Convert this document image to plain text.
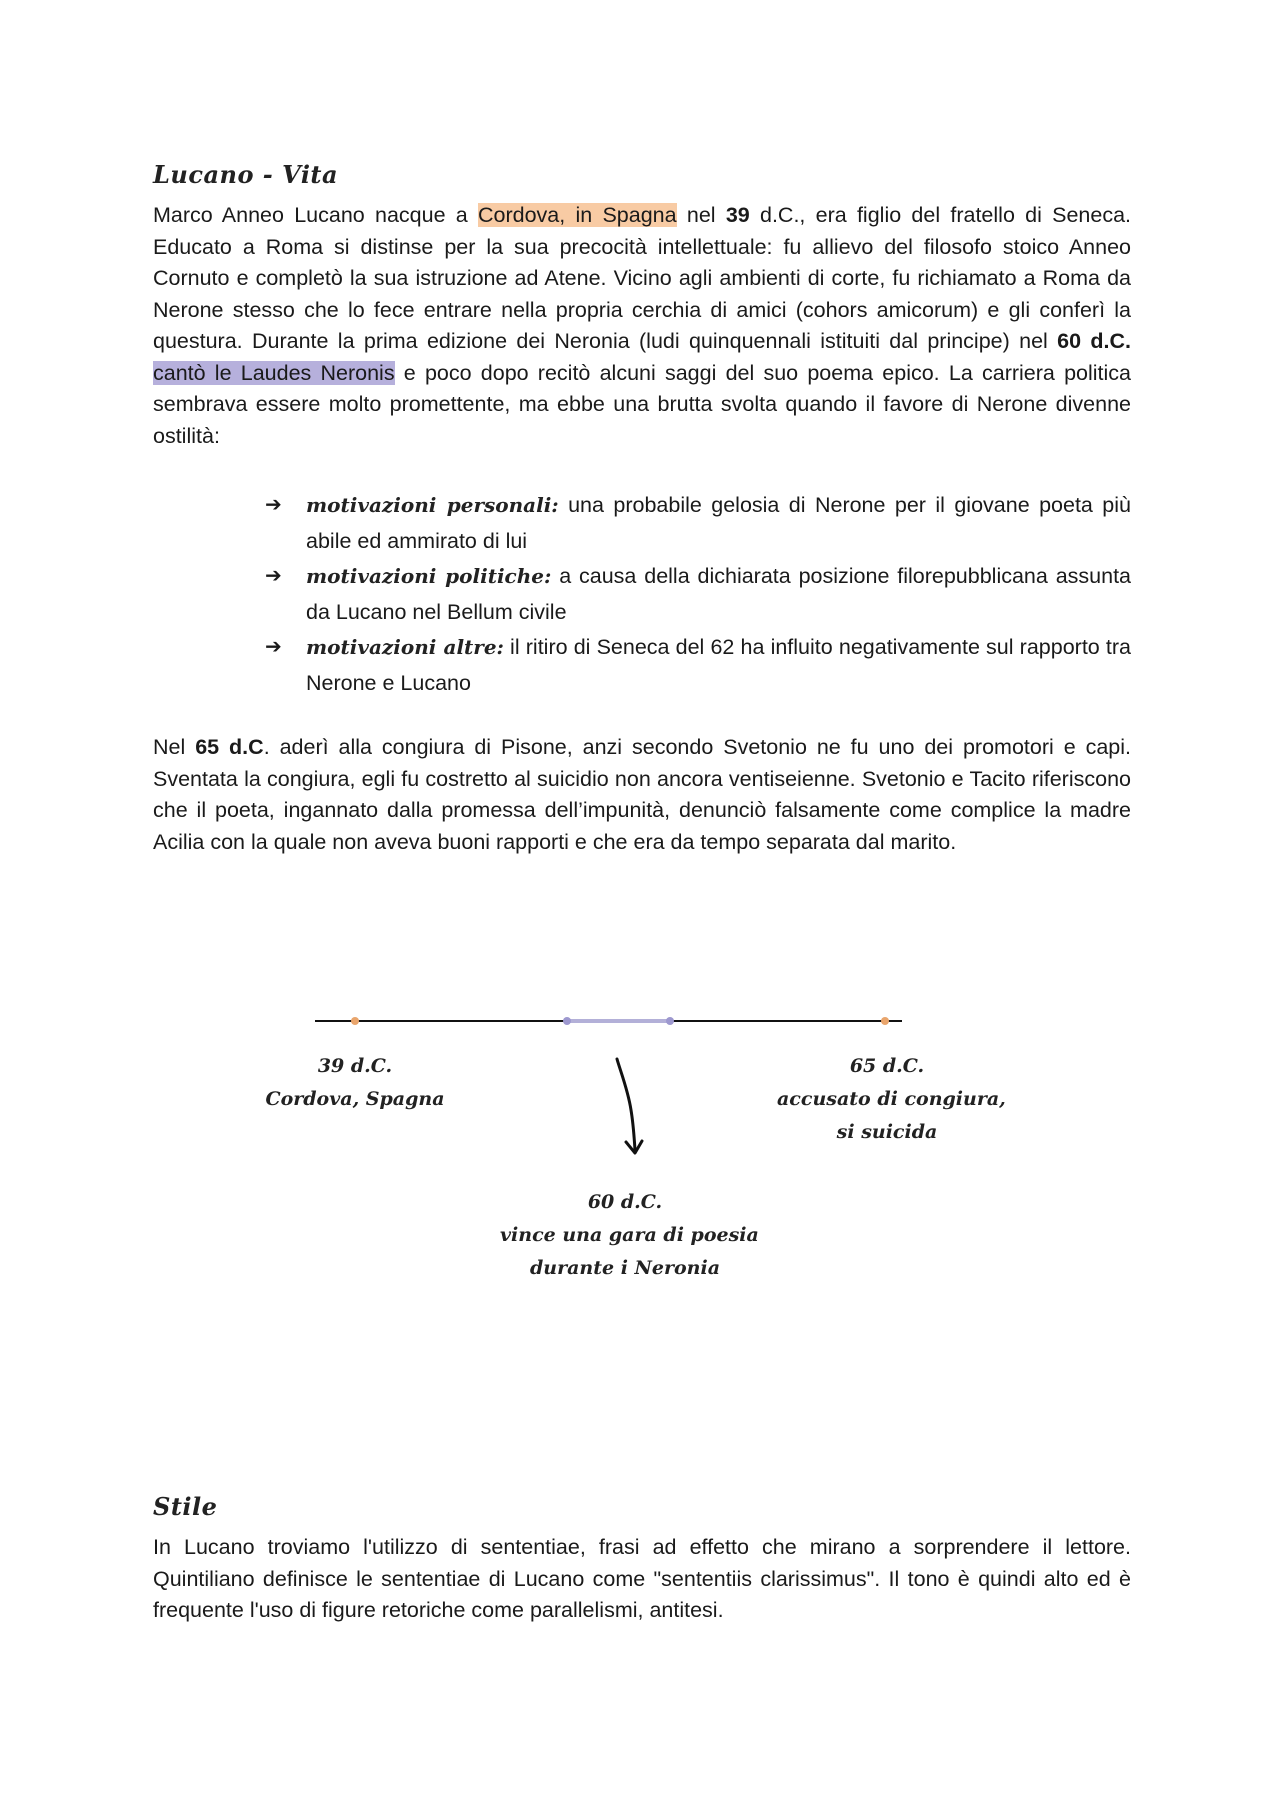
Lucano - Vita

Marco Anneo Lucano nacque a Cordova, in Spagna nel 39 d.C., era figlio del fratello di Seneca. Educato a Roma si distinse per la sua precocità intellettuale: fu allievo del filosofo stoico Anneo Cornuto e completò la sua istruzione ad Atene. Vicino agli ambienti di corte, fu richiamato a Roma da Nerone stesso che lo fece entrare nella propria cerchia di amici (cohors amicorum) e gli conferì la questura. Durante la prima edizione dei Neronia (ludi quinquennali istituiti dal principe) nel 60 d.C. cantò le Laudes Neronis e poco dopo recitò alcuni saggi del suo poema epico. La carriera politica sembrava essere molto promettente, ma ebbe una brutta svolta quando il favore di Nerone divenne ostilità:

➔ motivazioni personali: una probabile gelosia di Nerone per il giovane poeta più abile ed ammirato di lui
➔ motivazioni politiche: a causa della dichiarata posizione filorepubblicana assunta da Lucano nel Bellum civile
➔ motivazioni altre: il ritiro di Seneca del 62 ha influito negativamente sul rapporto tra Nerone e Lucano

Nel 65 d.C. aderì alla congiura di Pisone, anzi secondo Svetonio ne fu uno dei promotori e capi. Sventata la congiura, egli fu costretto al suicidio non ancora ventiseienne. Svetonio e Tacito riferiscono che il poeta, ingannato dalla promessa dell’impunità, denunciò falsamente come complice la madre Acilia con la quale non aveva buoni rapporti e che era da tempo separata dal marito.

39 d.C.
Cordova, Spagna
65 d.C.
accusato di congiura,
si suicida
60 d.C.
vince una gara di poesia
durante i Neronia
Stile

In Lucano troviamo l'utilizzo di sententiae, frasi ad effetto che mirano a sorprendere il lettore. Quintiliano definisce le sententiae di Lucano come "sententiis clarissimus". Il tono è quindi alto ed è frequente l'uso di figure retoriche come parallelismi, antitesi.
